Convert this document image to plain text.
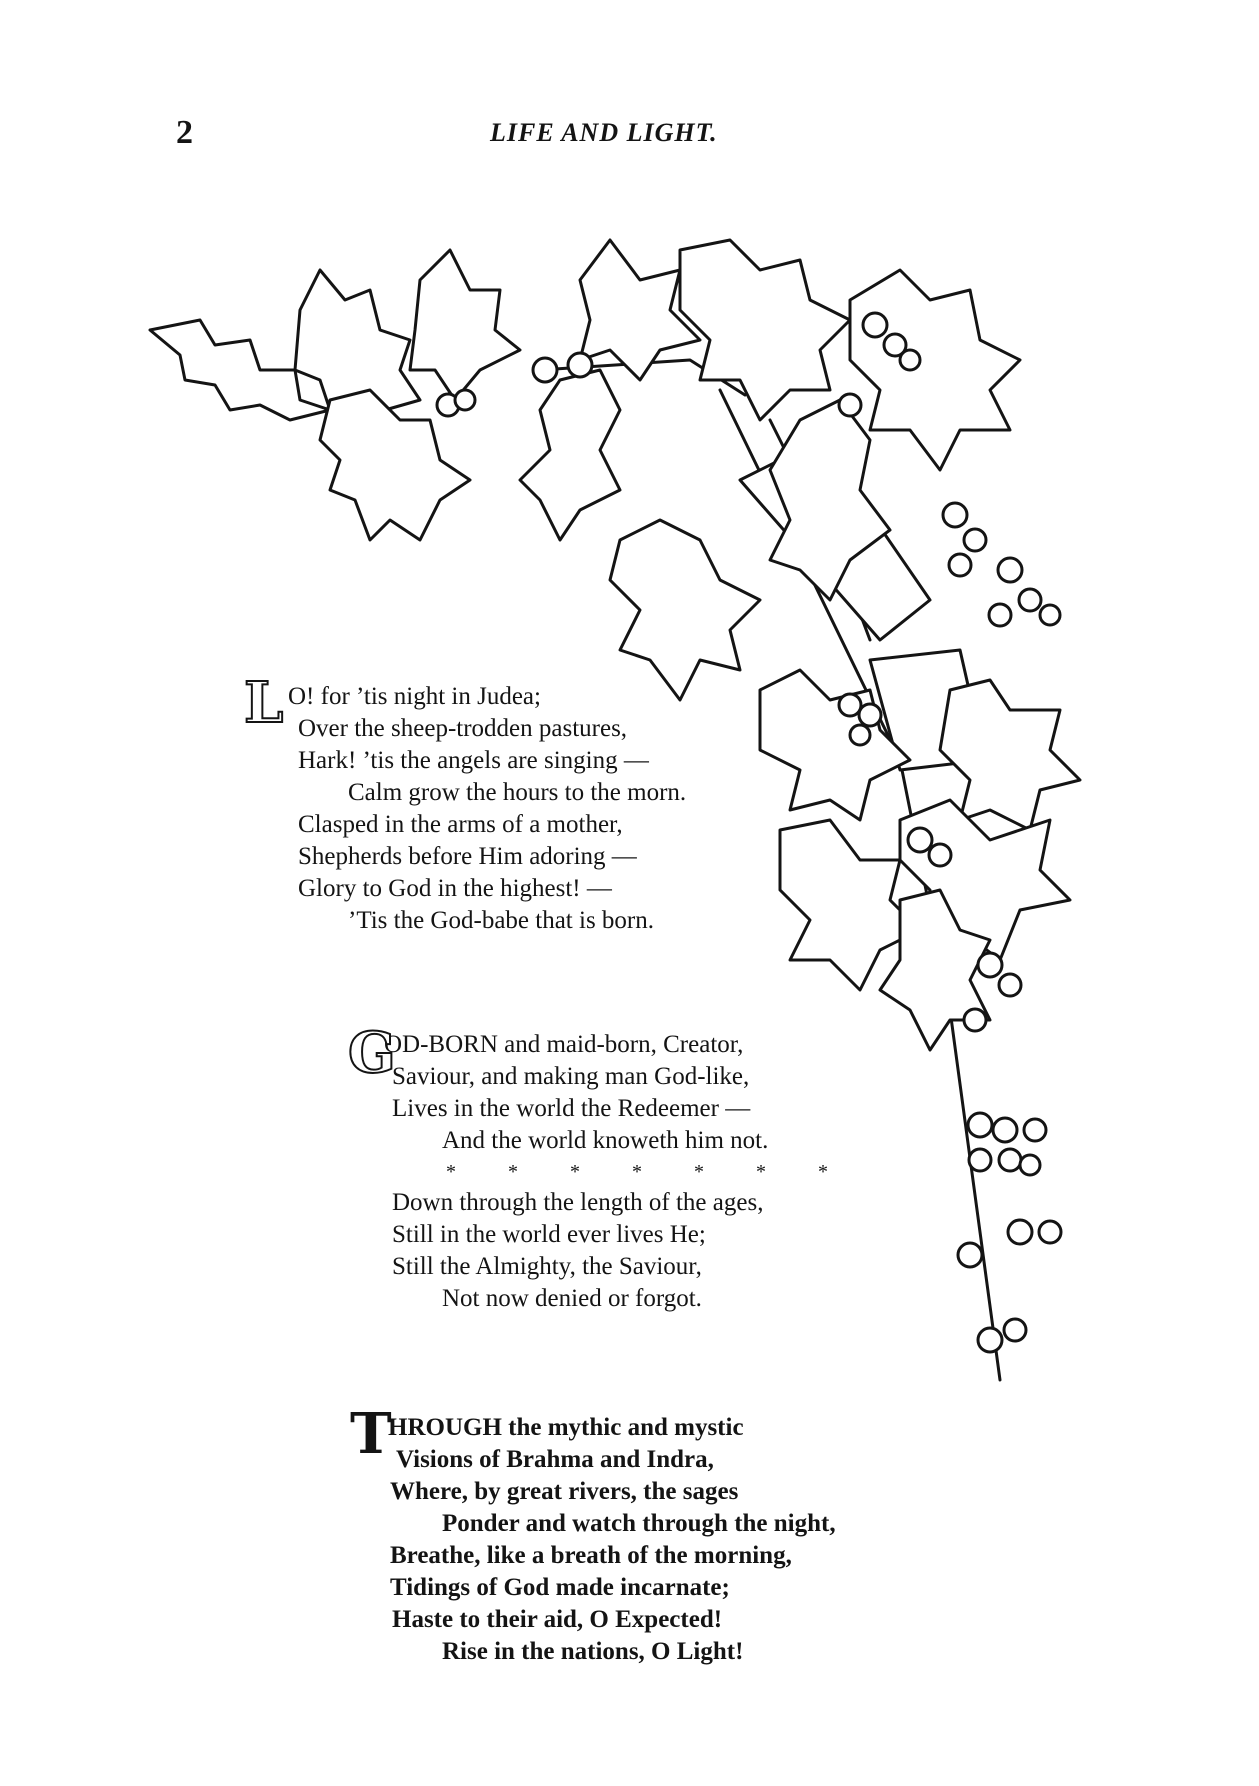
2	LIFE AND LIGHT.
L O! for ’tis night in Judea;
Over the sheep-trodden pastures,
Hark! ’tis the angels are singing —
Calm grow the hours to the morn.
Clasped in the arms of a mother,
Shepherds before Him adoring —
Glory to God in the highest! —
’Tis the God-babe that is born.
G
OD-BORN and maid-born, Creator,
Saviour, and making man God-like,
Lives in the world the Redeemer —
And the world knoweth him not.
*	*	*	*	*	*	*
Down through the length of the ages,
Still in the world ever lives He;
Still the Almighty, the Saviour,
Not now denied or forgot.
T
HROUGH the mythic and mystic
Visions of Brahma and Indra,
Where, by great rivers, the sages
Ponder and watch through the night,
Breathe, like a breath of the morning,
Tidings of God made incarnate;
Haste to their aid, O Expected!
Rise in the nations, O Light!
